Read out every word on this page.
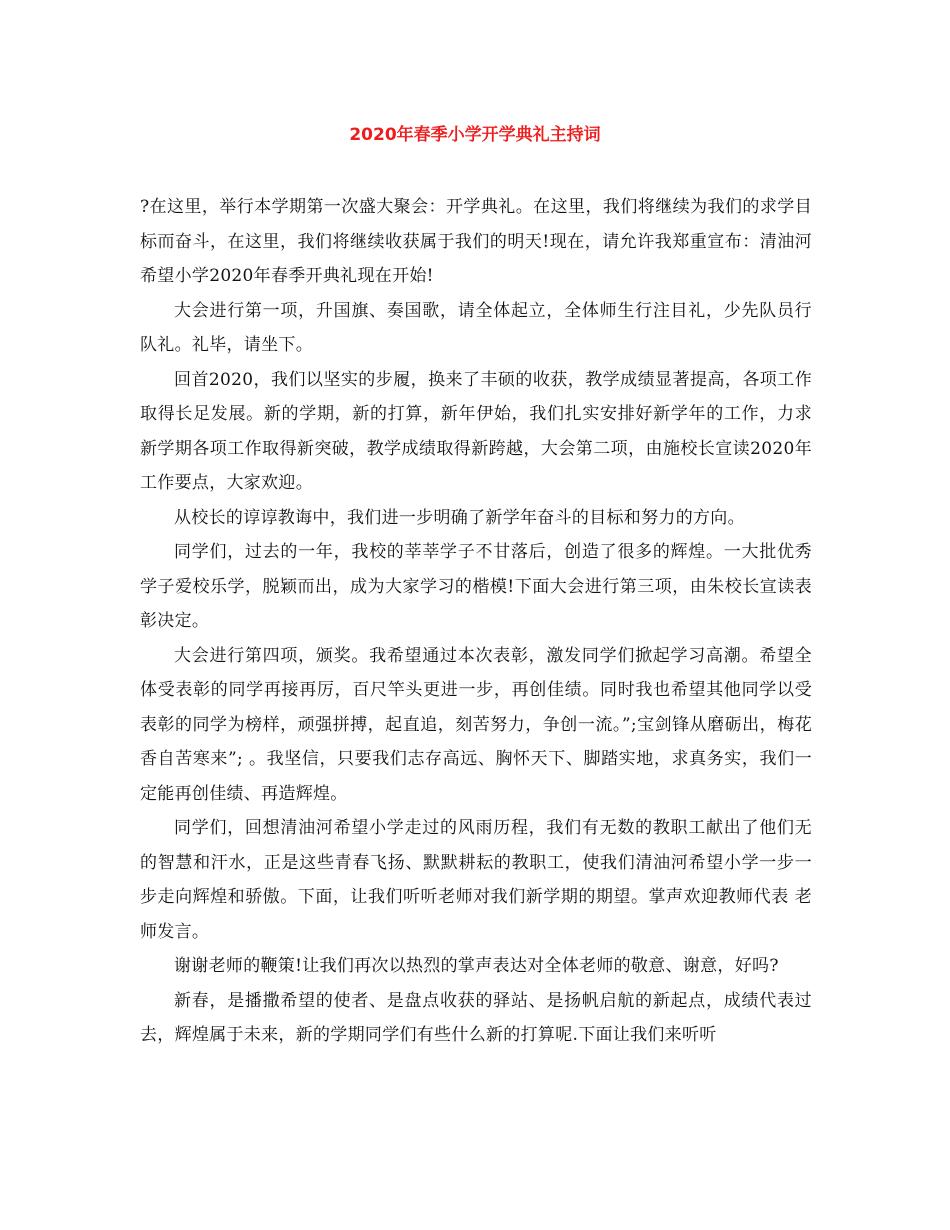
2020年春季小学开学典礼主持词

?在这里，举行本学期第一次盛大聚会：开学典礼。在这里，我们将继续为我们的求学目标而奋斗，在这里，我们将继续收获属于我们的明天!现在，请允许我郑重宣布：清油河希望小学2020年春季开典礼现在开始!

大会进行第一项，升国旗、奏国歌，请全体起立，全体师生行注目礼，少先队员行队礼。礼毕，请坐下。

回首2020，我们以坚实的步履，换来了丰硕的收获，教学成绩显著提高，各项工作取得长足发展。新的学期，新的打算，新年伊始，我们扎实安排好新学年的工作，力求新学期各项工作取得新突破，教学成绩取得新跨越，大会第二项，由施校长宣读2020年工作要点，大家欢迎。

从校长的谆谆教诲中，我们进一步明确了新学年奋斗的目标和努力的方向。

同学们，过去的一年，我校的莘莘学子不甘落后，创造了很多的辉煌。一大批优秀学子爱校乐学，脱颖而出，成为大家学习的楷模!下面大会进行第三项，由朱校长宣读表彰决定。

大会进行第四项，颁奖。我希望通过本次表彰，激发同学们掀起学习高潮。希望全体受表彰的同学再接再厉，百尺竿头更进一步，再创佳绩。同时我也希望其他同学以受表彰的同学为榜样，顽强拼搏，起直追，刻苦努力，争创一流。”;宝剑锋从磨砺出，梅花香自苦寒来”; 。我坚信，只要我们志存高远、胸怀天下、脚踏实地，求真务实，我们一定能再创佳绩、再造辉煌。

同学们，回想清油河希望小学走过的风雨历程，我们有无数的教职工献出了他们无的智慧和汗水，正是这些青春飞扬、默默耕耘的教职工，使我们清油河希望小学一步一步走向辉煌和骄傲。下面，让我们听听老师对我们新学期的期望。掌声欢迎教师代表 老师发言。

谢谢老师的鞭策!让我们再次以热烈的掌声表达对全体老师的敬意、谢意，好吗?

新春，是播撒希望的使者、是盘点收获的驿站、是扬帆启航的新起点，成绩代表过去，辉煌属于未来，新的学期同学们有些什么新的打算呢.下面让我们来听听
